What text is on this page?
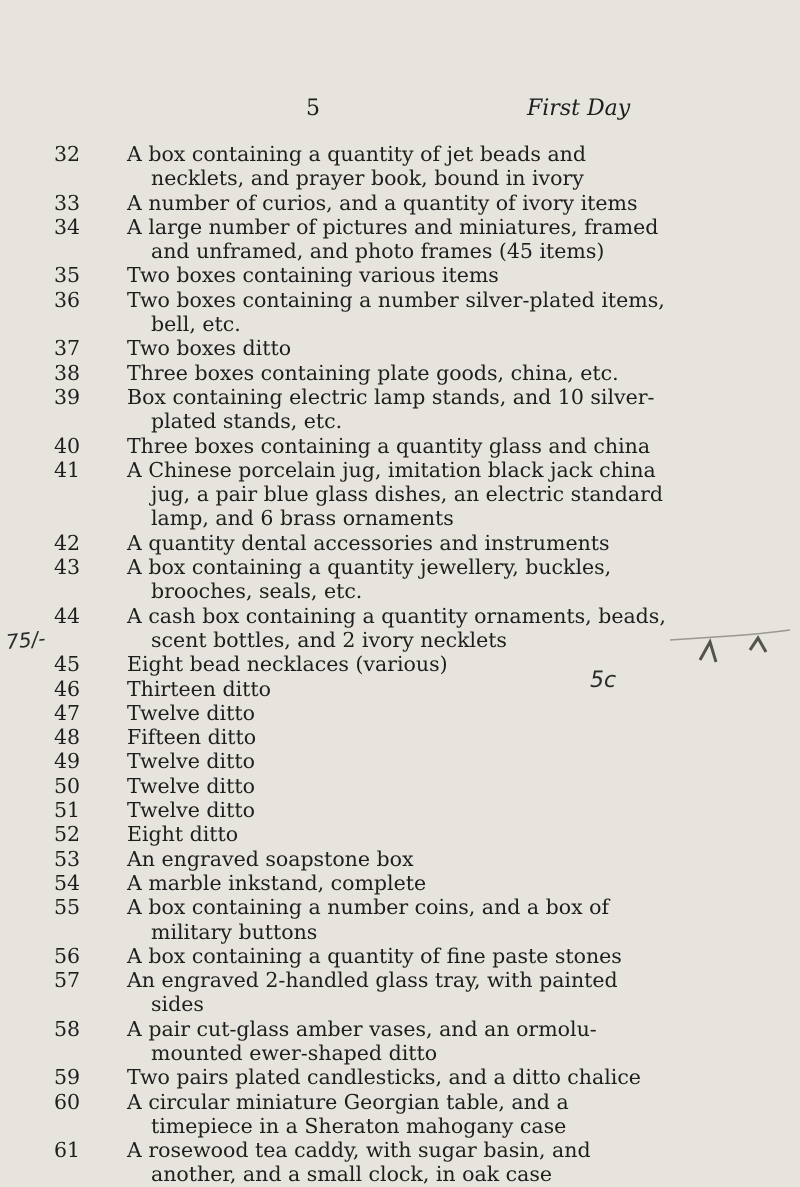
5	First Day
32	A box containing a quantity of jet beads and necklets, and prayer book, bound in ivory
33	A number of curios, and a quantity of ivory items
34	A large number of pictures and miniatures, framed and unframed, and photo frames (45 items)
35	Two boxes containing various items
36	Two boxes containing a number silver-plated items, bell, etc.
37	Two boxes ditto
38	Three boxes containing plate goods, china, etc.
39	Box containing electric lamp stands, and 10 silver-plated stands, etc.
40	Three boxes containing a quantity glass and china
41	A Chinese porcelain jug, imitation black jack china jug, a pair blue glass dishes, an electric standard lamp, and 6 brass ornaments
42	A quantity dental accessories and instruments
43	A box containing a quantity jewellery, buckles, brooches, seals, etc.
44	A cash box containing a quantity ornaments, beads, scent bottles, and 2 ivory necklets
45	Eight bead necklaces (various)
46	Thirteen ditto
47	Twelve ditto
48	Fifteen ditto
49	Twelve ditto
50	Twelve ditto
51	Twelve ditto
52	Eight ditto
53	An engraved soapstone box
54	A marble inkstand, complete
55	A box containing a number coins, and a box of military buttons
56	A box containing a quantity of fine paste stones
57	An engraved 2-handled glass tray, with painted sides
58	A pair cut-glass amber vases, and an ormolu-mounted ewer-shaped ditto
59	Two pairs plated candlesticks, and a ditto chalice
60	A circular miniature Georgian table, and a timepiece in a Sheraton mahogany case
61	A rosewood tea caddy, with sugar basin, and another, and a small clock, in oak case
75/-
5c
